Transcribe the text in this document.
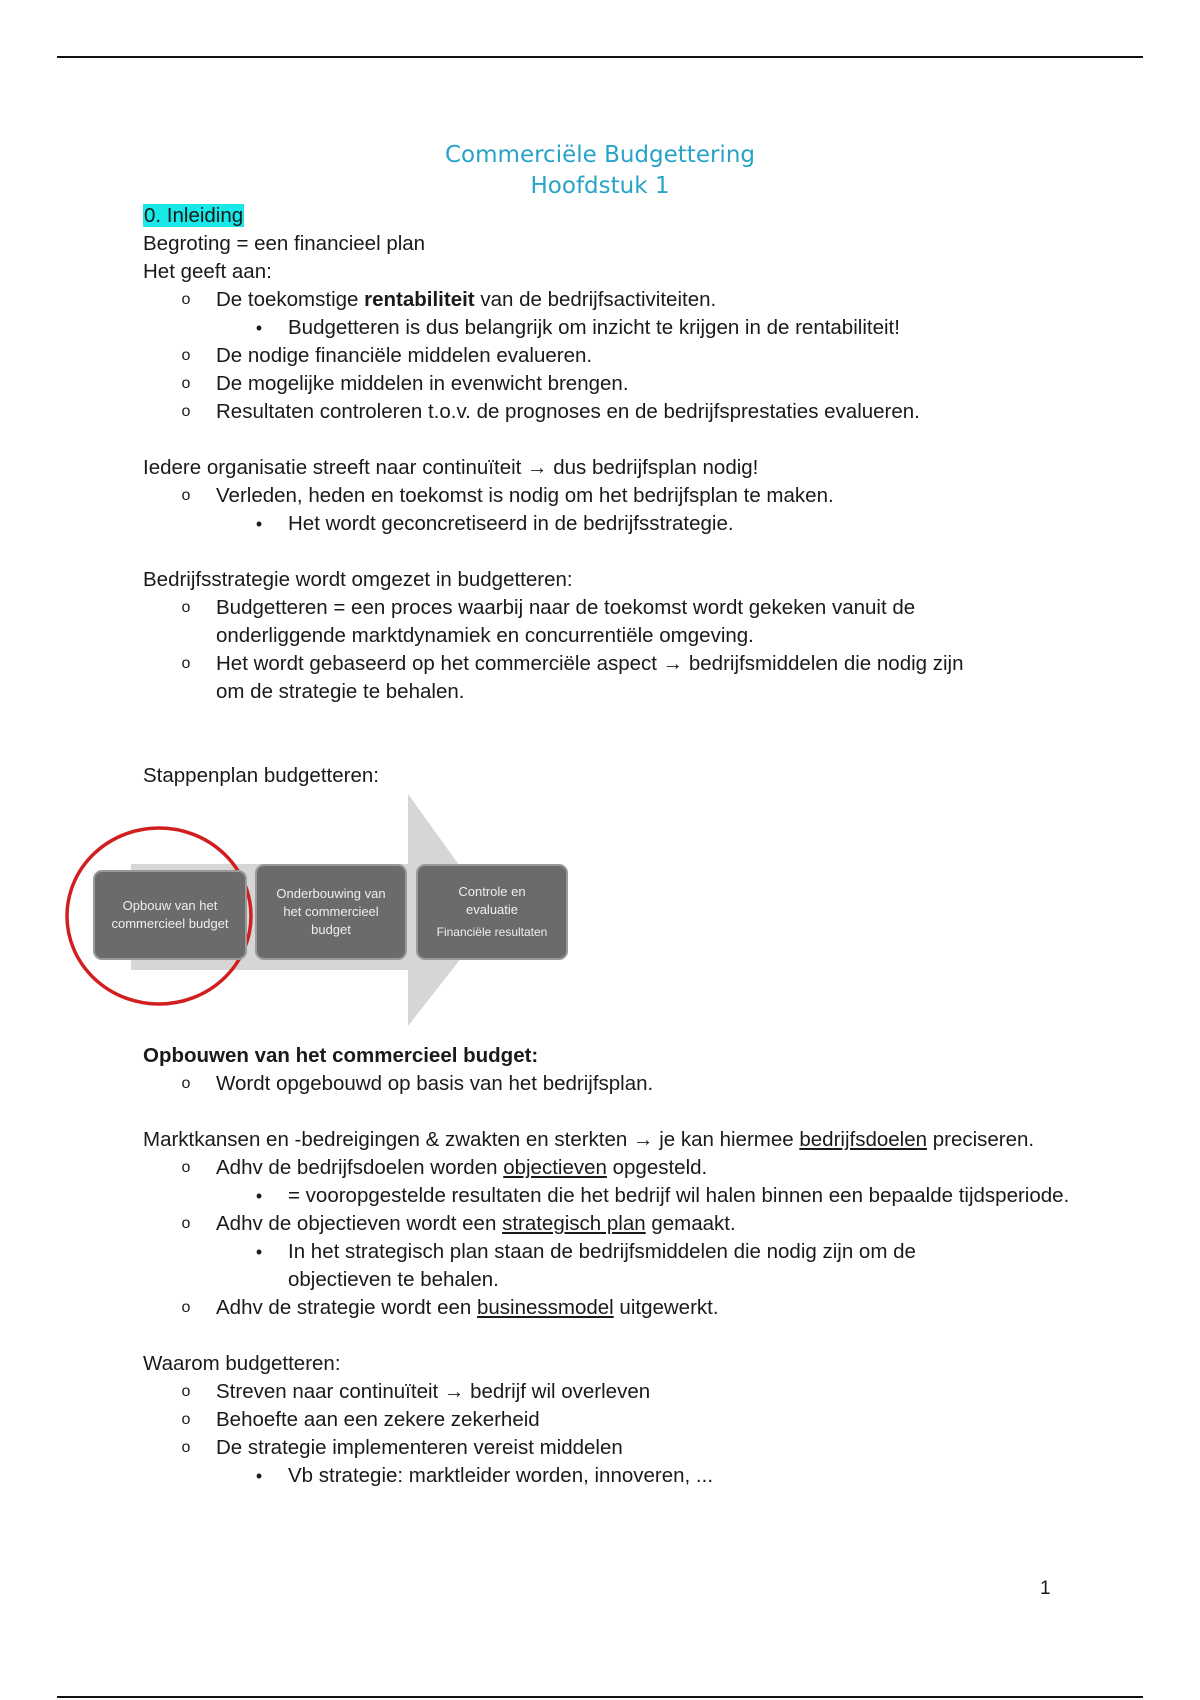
Commerciële Budgettering
Hoofdstuk 1
0. Inleiding
Begroting = een financieel plan
Het geeft aan:
o De toekomstige rentabiliteit van de bedrijfsactiviteiten.
•	Budgetteren is dus belangrijk om inzicht te krijgen in de rentabiliteit!
o De nodige financiële middelen evalueren.
o De mogelijke middelen in evenwicht brengen.
o Resultaten controleren t.o.v. de prognoses en de bedrijfsprestaties evalueren.
Iedere organisatie streeft naar continuïteit → dus bedrijfsplan nodig!
o Verleden, heden en toekomst is nodig om het bedrijfsplan te maken.
•	Het wordt geconcretiseerd in de bedrijfsstrategie.
Bedrijfsstrategie wordt omgezet in budgetteren:
o Budgetteren = een proces waarbij naar de toekomst wordt gekeken vanuit de
onderliggende marktdynamiek en concurrentiële omgeving.
o Het wordt gebaseerd op het commerciële aspect → bedrijfsmiddelen die nodig zijn
om de strategie te behalen.
Stappenplan budgetteren:
Opbouw van het
commercieel budget
Onderbouwing van
het commercieel
budget
Controle en
evaluatie
Financiële resultaten
Opbouwen van het commercieel budget:
o Wordt opgebouwd op basis van het bedrijfsplan.
Marktkansen en -bedreigingen & zwakten en sterkten → je kan hiermee bedrijfsdoelen preciseren.
o Adhv de bedrijfsdoelen worden objectieven opgesteld.
•	= vooropgestelde resultaten die het bedrijf wil halen binnen een bepaalde tijdsperiode.
o Adhv de objectieven wordt een strategisch plan gemaakt.
•	In het strategisch plan staan de bedrijfsmiddelen die nodig zijn om de
objectieven te behalen.
o Adhv de strategie wordt een businessmodel uitgewerkt.
Waarom budgetteren:
o Streven naar continuïteit → bedrijf wil overleven
o Behoefte aan een zekere zekerheid
o De strategie implementeren vereist middelen
•	Vb strategie: marktleider worden, innoveren, ...
1
